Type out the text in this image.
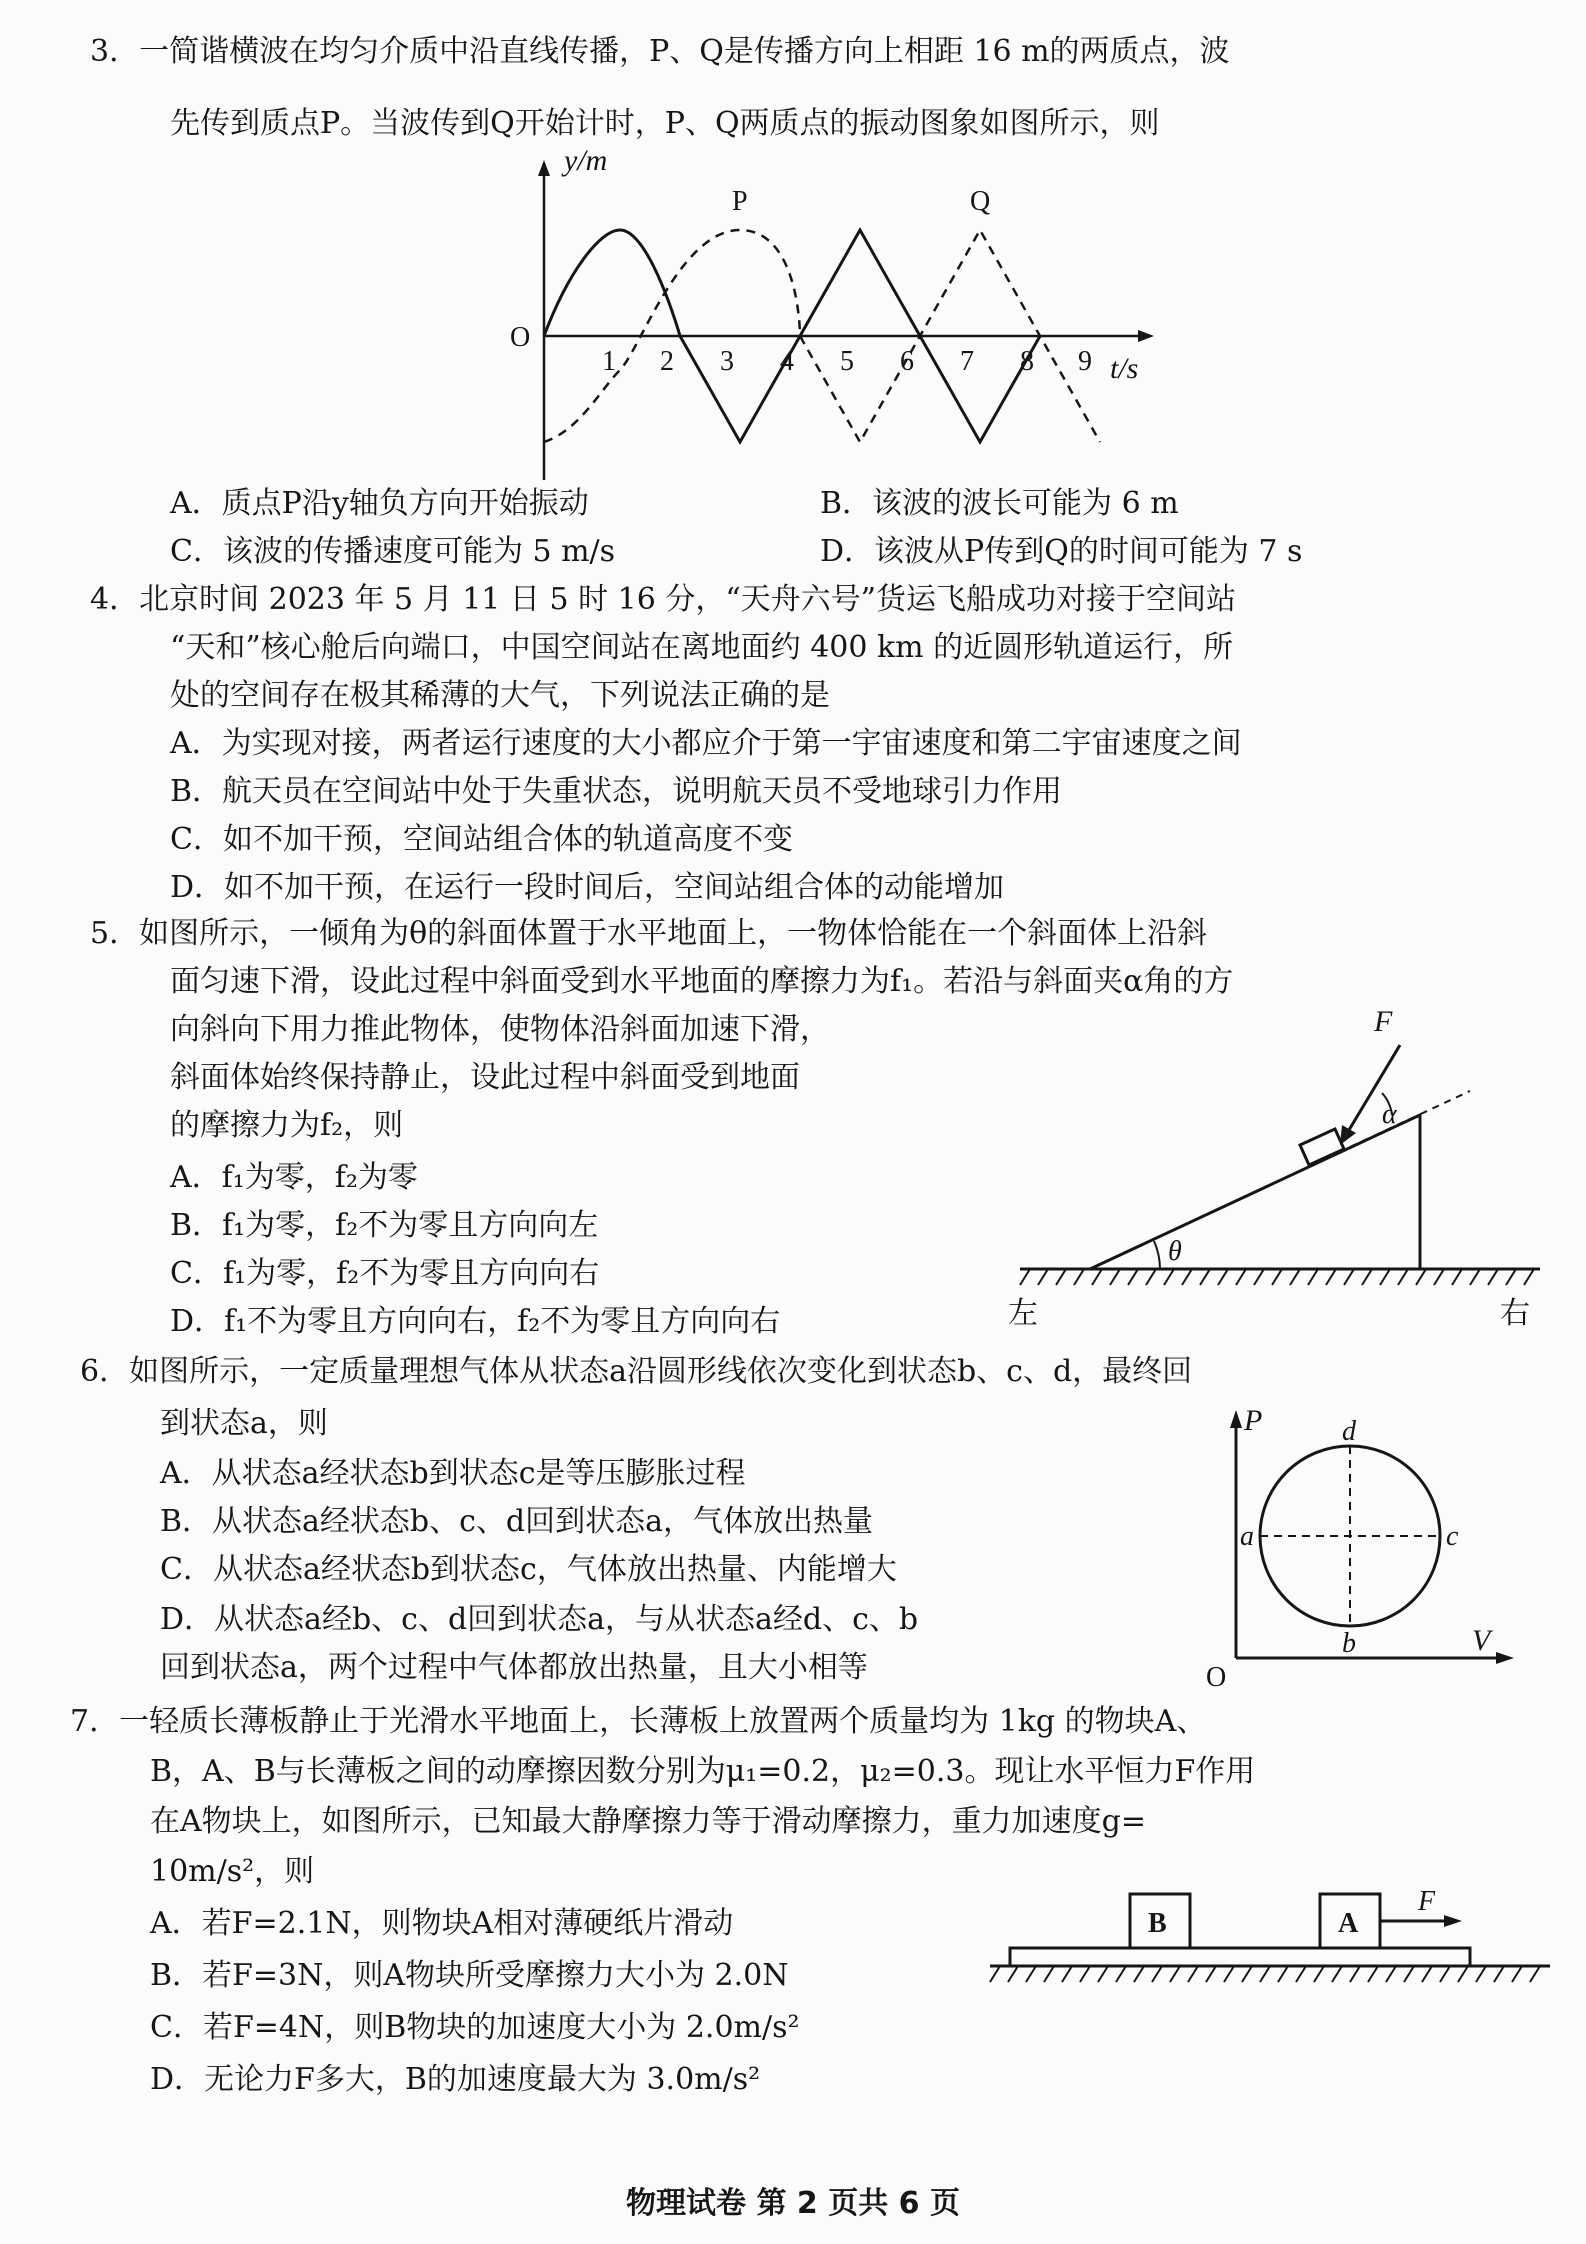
3．一简谐横波在均匀介质中沿直线传播，P、Q是传播方向上相距 16 m的两质点，波
先传到质点P。当波传到Q开始计时，P、Q两质点的振动图象如图所示，则
y/m
t/s
O
P	Q
1 2 3 4 5 6 7 8 9
A．质点P沿y轴负方向开始振动	B．该波的波长可能为 6 m
C．该波的传播速度可能为 5 m/s	D．该波从P传到Q的时间可能为 7 s
4．北京时间 2023 年 5 月 11 日 5 时 16 分，“天舟六号”货运飞船成功对接于空间站
“天和”核心舱后向端口，中国空间站在离地面约 400 km 的近圆形轨道运行，所
处的空间存在极其稀薄的大气，下列说法正确的是
A．为实现对接，两者运行速度的大小都应介于第一宇宙速度和第二宇宙速度之间
B．航天员在空间站中处于失重状态，说明航天员不受地球引力作用
C．如不加干预，空间站组合体的轨道高度不变
D．如不加干预，在运行一段时间后，空间站组合体的动能增加
5．如图所示，一倾角为θ的斜面体置于水平地面上，一物体恰能在一个斜面体上沿斜
面匀速下滑，设此过程中斜面受到水平地面的摩擦力为f₁。若沿与斜面夹α角的方
向斜向下用力推此物体，使物体沿斜面加速下滑，
斜面体始终保持静止，设此过程中斜面受到地面
的摩擦力为f₂，则
A．f₁为零，f₂为零
B．f₁为零，f₂不为零且方向向左
C．f₁为零，f₂不为零且方向向右
D．f₁不为零且方向向右，f₂不为零且方向向右
F
α
θ
左	右
6．如图所示，一定质量理想气体从状态a沿圆形线依次变化到状态b、c、d，最终回
到状态a，则
A．从状态a经状态b到状态c是等压膨胀过程
B．从状态a经状态b、c、d回到状态a，气体放出热量
C．从状态a经状态b到状态c，气体放出热量、内能增大
D．从状态a经b、c、d回到状态a，与从状态a经d、c、b
回到状态a，两个过程中气体都放出热量，且大小相等
P
V
O
a
b
c
d
7．一轻质长薄板静止于光滑水平地面上，长薄板上放置两个质量均为 1kg 的物块A、
B，A、B与长薄板之间的动摩擦因数分别为μ₁=0.2，μ₂=0.3。现让水平恒力F作用
在A物块上，如图所示，已知最大静摩擦力等于滑动摩擦力，重力加速度g=
10m/s²，则
A．若F=2.1N，则物块A相对薄硬纸片滑动
B．若F=3N，则A物块所受摩擦力大小为 2.0N
C．若F=4N，则B物块的加速度大小为 2.0m/s²
D．无论力F多大，B的加速度最大为 3.0m/s²
B	A
F
物理试卷 第 2 页共 6 页
